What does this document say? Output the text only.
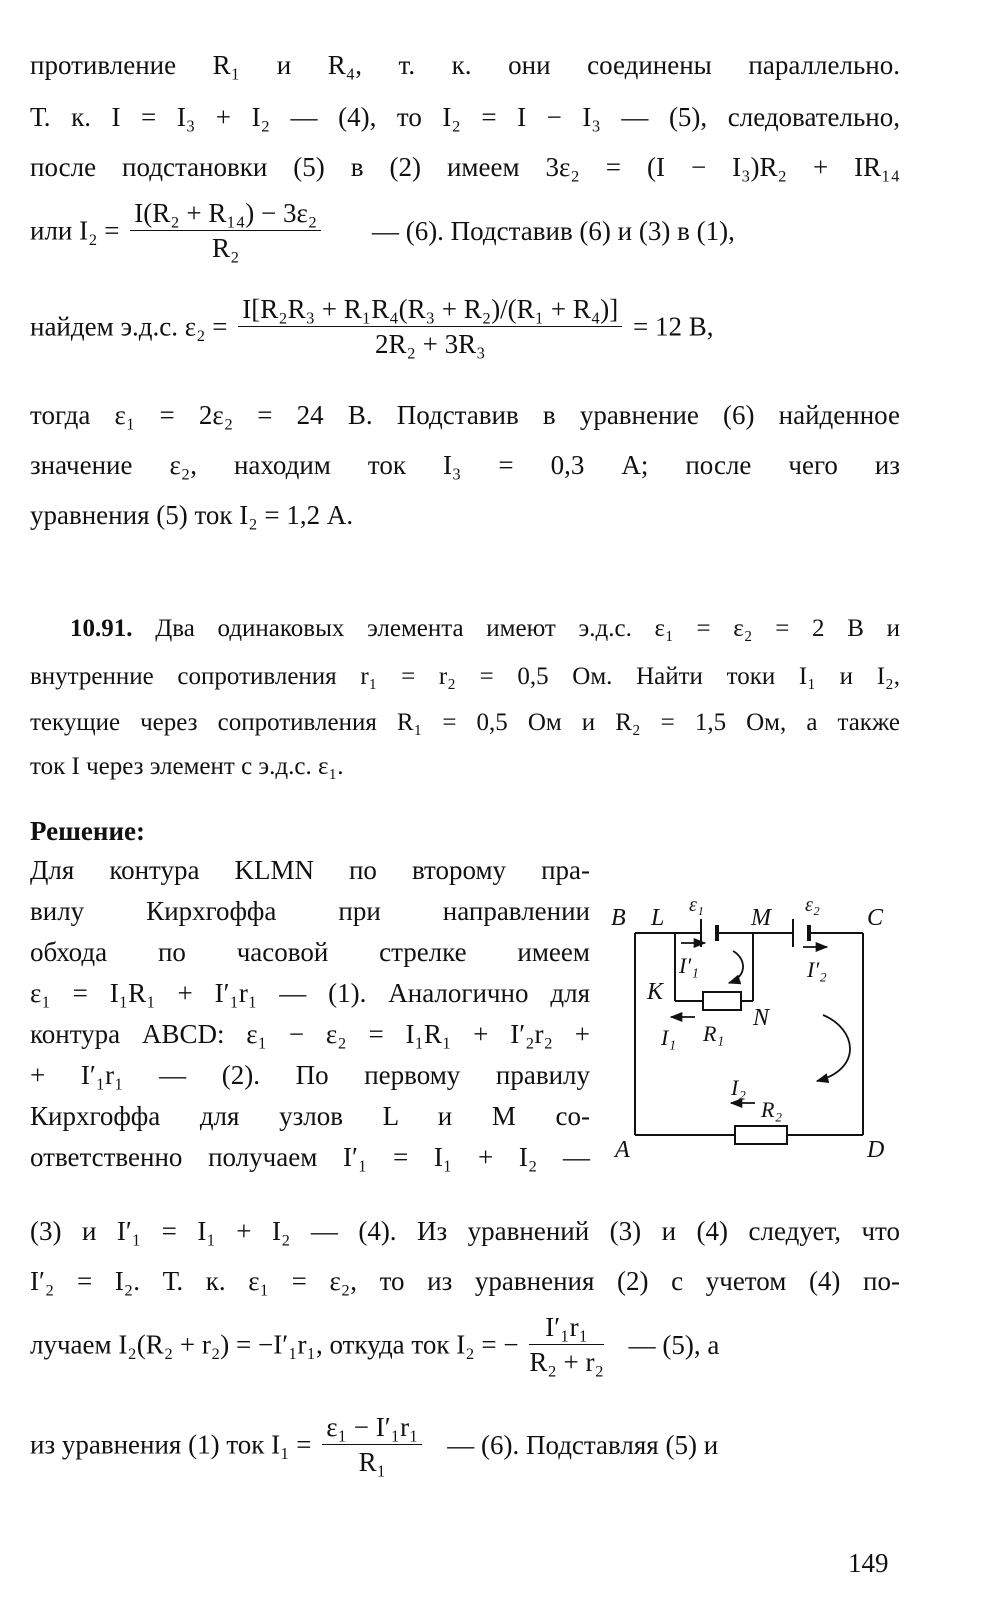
противление R₁ и R₄, т. к. они соединены параллельно.
Т. к. I = I₃ + I₂ — (4), то I₂ = I − I₃ — (5), следовательно,
после подстановки (5) в (2) имеем 3ε₂ = (I − I₃)R₂ + IR₁₄
или $I_2 = \frac{\text{I(R₂ + R₁₄) − 3ε₂}}{\text{R₂}}$ — (6). Подставив (6) и (3) в (1),
найдем э.д.с. $\varepsilon_2 = \frac{\text{I[R₂R₃ + R₁R₄(R₃ + R₂)/(R₁ + R₄)]}}{\text{2R₂ + 3R₃}} = 12$ В,
тогда ε₁ = 2ε₂ = 24 В. Подставив в уравнение (6) найденное
значение ε₂, находим ток I₃ = 0,3 А; после чего из
уравнения (5) ток I₂ = 1,2 А.
10.91. Два одинаковых элемента имеют э.д.с. ε₁ = ε₂ = 2 В и
внутренние сопротивления r₁ = r₂ = 0,5 Ом. Найти токи I₁ и I₂,
текущие через сопротивления R₁ = 0,5 Ом и R₂ = 1,5 Ом, а также
ток I через элемент с э.д.с. ε₁.
Решение:
Для контура KLMN по второму пра-
вилу Кирхгоффа при направлении
обхода по часовой стрелке имеем
ε₁ = I₁R₁ + I′₁r₁ — (1). Аналогично для
контура ABCD: ε₁ − ε₂ = I₁R₁ + I′₂r₂ +
+ I′₁r₁ — (2). По первому правилу
Кирхгоффа для узлов L и M со-
ответственно получаем I′₁ = I₁ + I₂ —
(3) и I′₁ = I₁ + I₂ — (4). Из уравнений (3) и (4) следует, что
I′₂ = I₂. Т. к. ε₁ = ε₂, то из уравнения (2) с учетом (4) по-
лучаем I₂(R₂ + r₂) = −I′₁r₁, откуда ток I₂ = − $\frac{\text{I′₁r₁}}{\text{R₂ + r₂}}$ — (5), а
из уравнения (1) ток $I_1 = \frac{\text{ε₁ − I′₁r₁}}{\text{R₁}}$ — (6). Подставляя (5) и
B L ε₁ M ε₂ C
I′₁	I′₂
K
N
I₁ R₁
I₂
R₂
A	D
149
